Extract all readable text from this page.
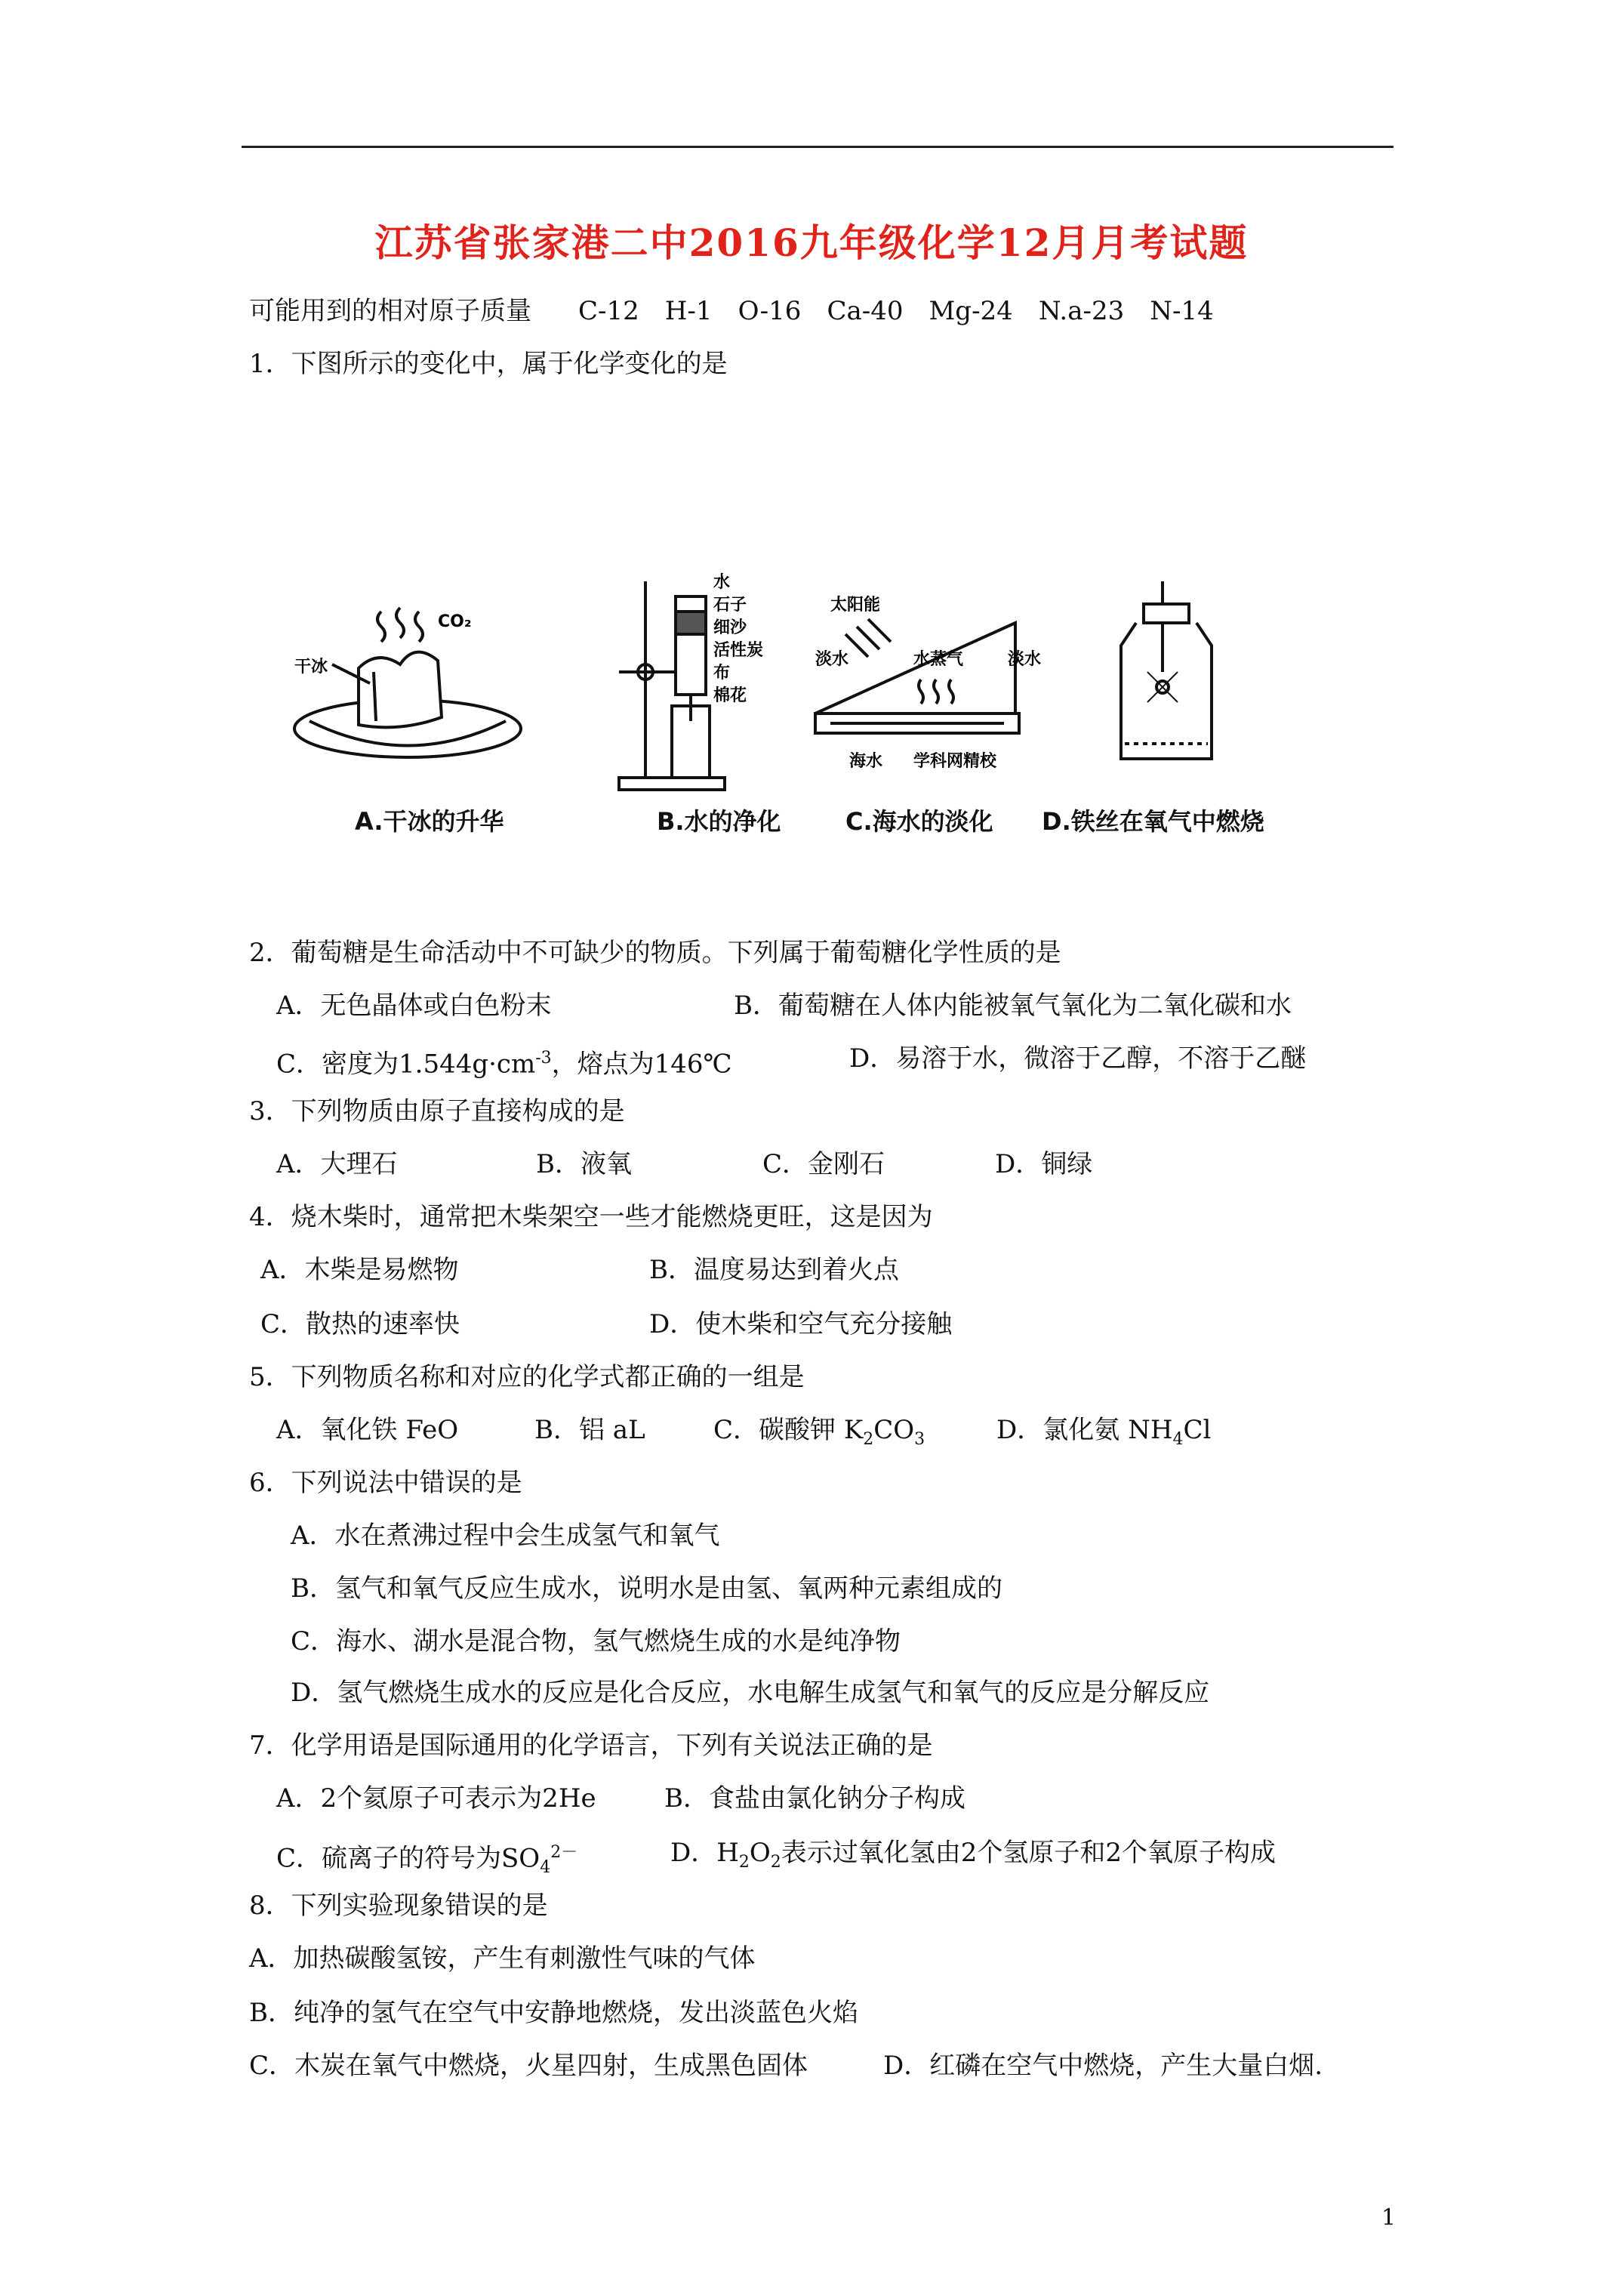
江苏省张家港二中2016九年级化学12月月考试题
可能用到的相对原子质量 C-12 H-1 O-16 Ca-40 Mg-24 N.a-23 N-14
1．下图所示的变化中，属于化学变化的是
干冰
CO₂
水
石子
细沙
活性炭
布
棉花
太阳能
淡水	水蒸气	淡水
海水 学科网精校
A.干冰的升华	B.水的净化	C.海水的淡化 D.铁丝在氧气中燃烧
2．葡萄糖是生命活动中不可缺少的物质。下列属于葡萄糖化学性质的是
A．无色晶体或白色粉末	B．葡萄糖在人体内能被氧气氧化为二氧化碳和水
C．密度为$1.544g\cdot cm^{-3}$，熔点为146℃	D．易溶于水，微溶于乙醇，不溶于乙醚
3．下列物质由原子直接构成的是
A．大理石	B．液氧	C．金刚石	D．铜绿
4．烧木柴时，通常把木柴架空一些才能燃烧更旺，这是因为
A．木柴是易燃物	B．温度易达到着火点
C．散热的速率快	D．使木柴和空气充分接触
5．下列物质名称和对应的化学式都正确的一组是
A．氧化铁 FeO	B．铝 aL	C．碳酸钾 $K_2CO_3$	D．氯化氨 $NH_4Cl$
6．下列说法中错误的是
A．水在煮沸过程中会生成氢气和氧气
B．氢气和氧气反应生成水，说明水是由氢、氧两种元素组成的
C．海水、湖水是混合物，氢气燃烧生成的水是纯净物
D．氢气燃烧生成水的反应是化合反应，水电解生成氢气和氧气的反应是分解反应
7．化学用语是国际通用的化学语言，下列有关说法正确的是
A．2个氦原子可表示为2He	B．食盐由氯化钠分子构成
C．硫离子的符号为$SO_4^{2-}$	D．$H_2O_2$表示过氧化氢由2个氢原子和2个氧原子构成
8．下列实验现象错误的是
A．加热碳酸氢铵，产生有刺激性气味的气体
B．纯净的氢气在空气中安静地燃烧，发出淡蓝色火焰
C．木炭在氧气中燃烧，火星四射，生成黑色固体	D．红磷在空气中燃烧，产生大量白烟.
1
